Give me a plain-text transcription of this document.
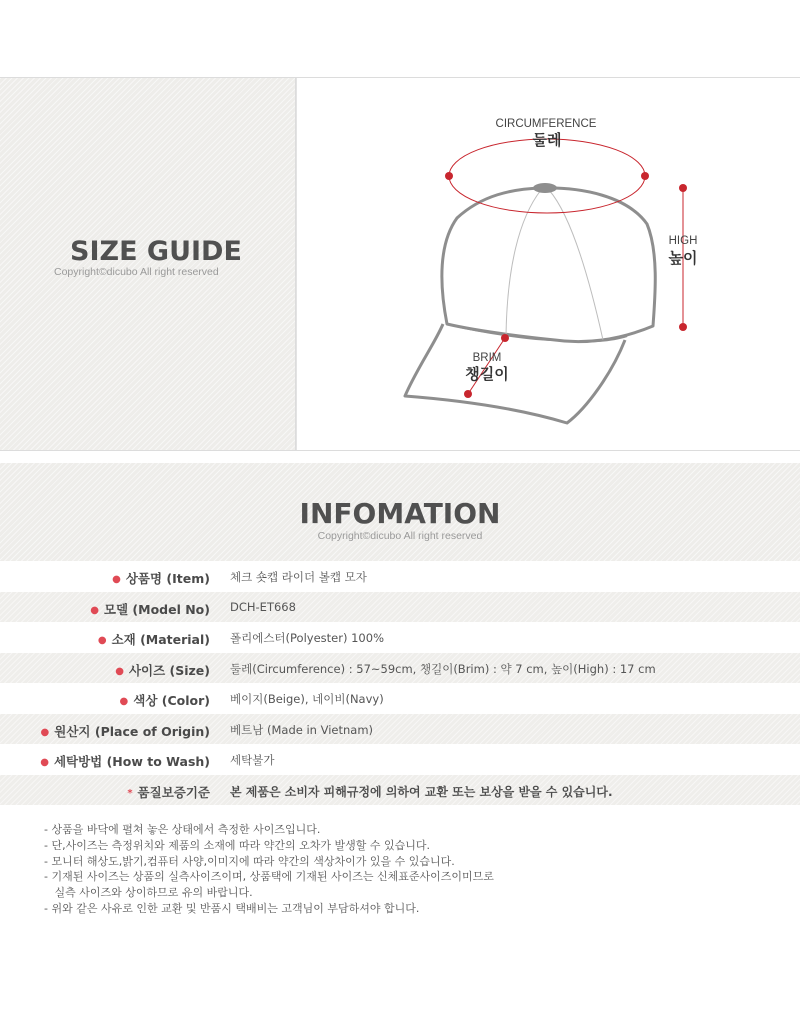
SIZE GUIDE
Copyright©dicubo All right reserved
CIRCUMFERENCE
둘레
HIGH
높이
BRIM
챙길이
INFOMATION
Copyright©dicubo All right reserved
● 상품명 (Item) 체크 숏캡 라이더 볼캡 모자
● 모델 (Model No) DCH-ET668
● 소재 (Material) 폴리에스터(Polyester) 100%
● 사이즈 (Size) 둘레(Circumference) : 57~59cm, 챙길이(Brim) : 약 7 cm, 높이(High) : 17 cm
● 색상 (Color) 베이지(Beige), 네이비(Navy)
● 원산지 (Place of Origin) 베트남 (Made in Vietnam)
● 세탁방법 (How to Wash) 세탁불가
* 품질보증기준 본 제품은 소비자 피해규정에 의하여 교환 또는 보상을 받을 수 있습니다.
- 상품을 바닥에 펼쳐 놓은 상태에서 측정한 사이즈입니다.
- 단,사이즈는 측정위치와 제품의 소재에 따라 약간의 오차가 발생할 수 있습니다.
- 모니터 해상도,밝기,컴퓨터 사양,이미지에 따라 약간의 색상차이가 있을 수 있습니다.
- 기재된 사이즈는 상품의 실측사이즈이며, 상품택에 기재된 사이즈는 신체표준사이즈이미므로
실측 사이즈와 상이하므로 유의 바랍니다.
- 위와 같은 사유로 인한 교환 및 반품시 택배비는 고객님이 부담하셔야 합니다.
